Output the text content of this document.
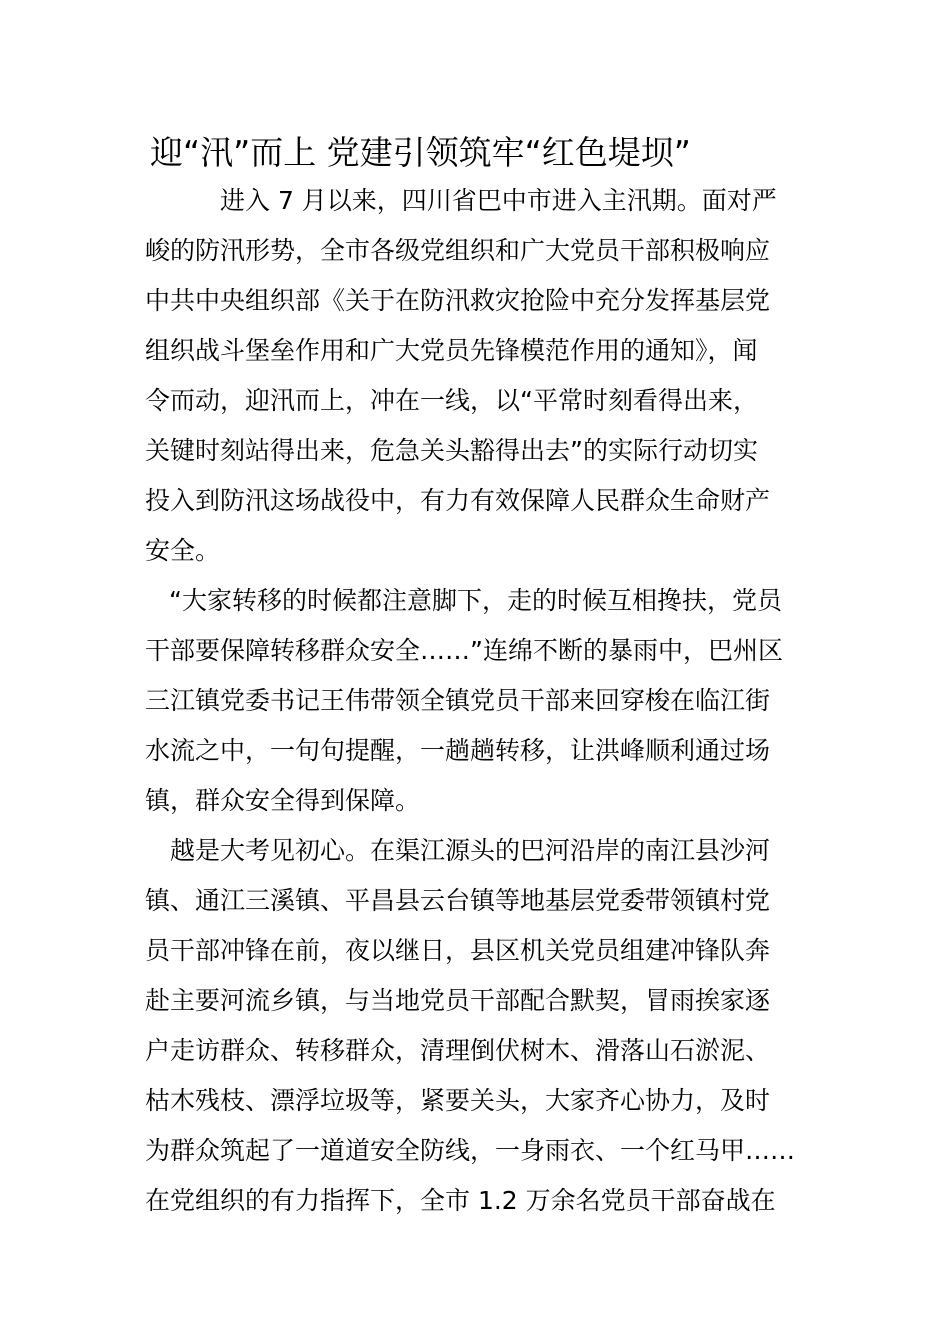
迎“汛”而上 党建引领筑牢“红色堤坝”
　　　进入 7 月以来，四川省巴中市进入主汛期。面对严
峻的防汛形势，全市各级党组织和广大党员干部积极响应
中共中央组织部《关于在防汛救灾抢险中充分发挥基层党
组织战斗堡垒作用和广大党员先锋模范作用的通知》，闻
令而动，迎汛而上，冲在一线，以“平常时刻看得出来，
关键时刻站得出来，危急关头豁得出去”的实际行动切实
投入到防汛这场战役中，有力有效保障人民群众生命财产
安全。
“大家转移的时候都注意脚下，走的时候互相搀扶，党员
干部要保障转移群众安全……”连绵不断的暴雨中，巴州区
三江镇党委书记王伟带领全镇党员干部来回穿梭在临江街
水流之中，一句句提醒，一趟趟转移，让洪峰顺利通过场
镇，群众安全得到保障。
越是大考见初心。在渠江源头的巴河沿岸的南江县沙河
镇、通江三溪镇、平昌县云台镇等地基层党委带领镇村党
员干部冲锋在前，夜以继日，县区机关党员组建冲锋队奔
赴主要河流乡镇，与当地党员干部配合默契，冒雨挨家逐
户走访群众、转移群众，清理倒伏树木、滑落山石淤泥、
枯木残枝、漂浮垃圾等，紧要关头，大家齐心协力，及时
为群众筑起了一道道安全防线，一身雨衣、一个红马甲……
在党组织的有力指挥下，全市 1.2 万余名党员干部奋战在
